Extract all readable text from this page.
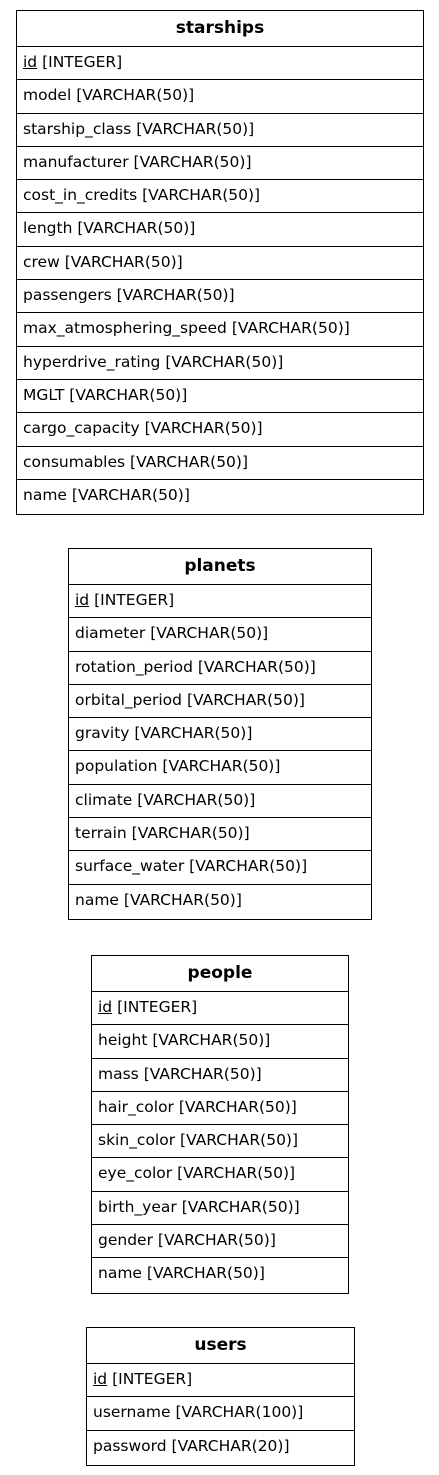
starships
id [INTEGER]
model [VARCHAR(50)]
starship_class [VARCHAR(50)]
manufacturer [VARCHAR(50)]
cost_in_credits [VARCHAR(50)]
length [VARCHAR(50)]
crew [VARCHAR(50)]
passengers [VARCHAR(50)]
max_atmosphering_speed [VARCHAR(50)]
hyperdrive_rating [VARCHAR(50)]
MGLT [VARCHAR(50)]
cargo_capacity [VARCHAR(50)]
consumables [VARCHAR(50)]
name [VARCHAR(50)]
planets
id [INTEGER]
diameter [VARCHAR(50)]
rotation_period [VARCHAR(50)]
orbital_period [VARCHAR(50)]
gravity [VARCHAR(50)]
population [VARCHAR(50)]
climate [VARCHAR(50)]
terrain [VARCHAR(50)]
surface_water [VARCHAR(50)]
name [VARCHAR(50)]
people
id [INTEGER]
height [VARCHAR(50)]
mass [VARCHAR(50)]
hair_color [VARCHAR(50)]
skin_color [VARCHAR(50)]
eye_color [VARCHAR(50)]
birth_year [VARCHAR(50)]
gender [VARCHAR(50)]
name [VARCHAR(50)]
users
id [INTEGER]
username [VARCHAR(100)]
password [VARCHAR(20)]
